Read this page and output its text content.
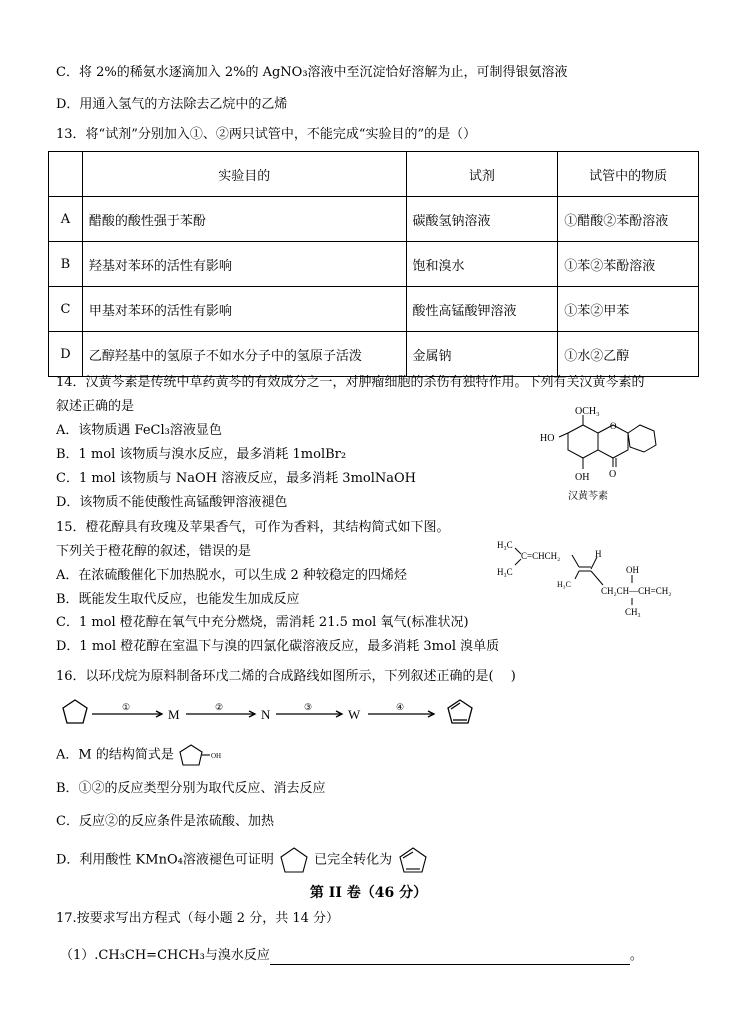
C．将 2%的稀氨水逐滴加入 2%的 AgNO₃溶液中至沉淀恰好溶解为止，可制得银氨溶液
D．用通入氢气的方法除去乙烷中的乙烯
13．将“试剂”分别加入①、②两只试管中，不能完成“实验目的”的是（）
	实验目的	试剂	试管中的物质
A	醋酸的酸性强于苯酚	碳酸氢钠溶液	①醋酸②苯酚溶液
B	羟基对苯环的活性有影响	饱和溴水	①苯②苯酚溶液
C	甲基对苯环的活性有影响	酸性高锰酸钾溶液	①苯②甲苯
D	乙醇羟基中的氢原子不如水分子中的氢原子活泼	金属钠	①水②乙醇
14．汉黄芩素是传统中草药黄芩的有效成分之一，对肿瘤细胞的杀伤有独特作用。下列有关汉黄芩素的
叙述正确的是
A．该物质遇 FeCl₃溶液显色
B．1 mol 该物质与溴水反应，最多消耗 1molBr₂
C．1 mol 该物质与 NaOH 溶液反应，最多消耗 3molNaOH
D．该物质不能使酸性高锰酸钾溶液褪色
OCH₃
HO
O
OH O
汉黄芩素
15．橙花醇具有玫瑰及苹果香气，可作为香料，其结构简式如下图。
下列关于橙花醇的叙述，错误的是
A．在浓硫酸催化下加热脱水，可以生成 2 种较稳定的四烯烃
B．既能发生取代反应，也能发生加成反应
C．1 mol 橙花醇在氧气中充分燃烧，需消耗 21.5 mol 氧气(标准状况)
D．1 mol 橙花醇在室温下与溴的四氯化碳溶液反应，最多消耗 3mol 溴单质
H₃C
C=CHCH₂
H₃C
H
H₃C
OH
CH₂CH—CH=CH₂
CH₃
16．以环戊烷为原料制备环戊二烯的合成路线如图所示，下列叙述正确的是(　 )
①	M	②	N	③	W	④
A．M 的结构简式是	OH
B．①②的反应类型分别为取代反应、消去反应
C．反应②的反应条件是浓硫酸、加热
D．利用酸性 KMnO₄溶液褪色可证明	已完全转化为
第 II 卷（46 分）
17.按要求写出方程式（每小题 2 分，共 14 分）
（1）.CH₃CH=CHCH₃与溴水反应	。
